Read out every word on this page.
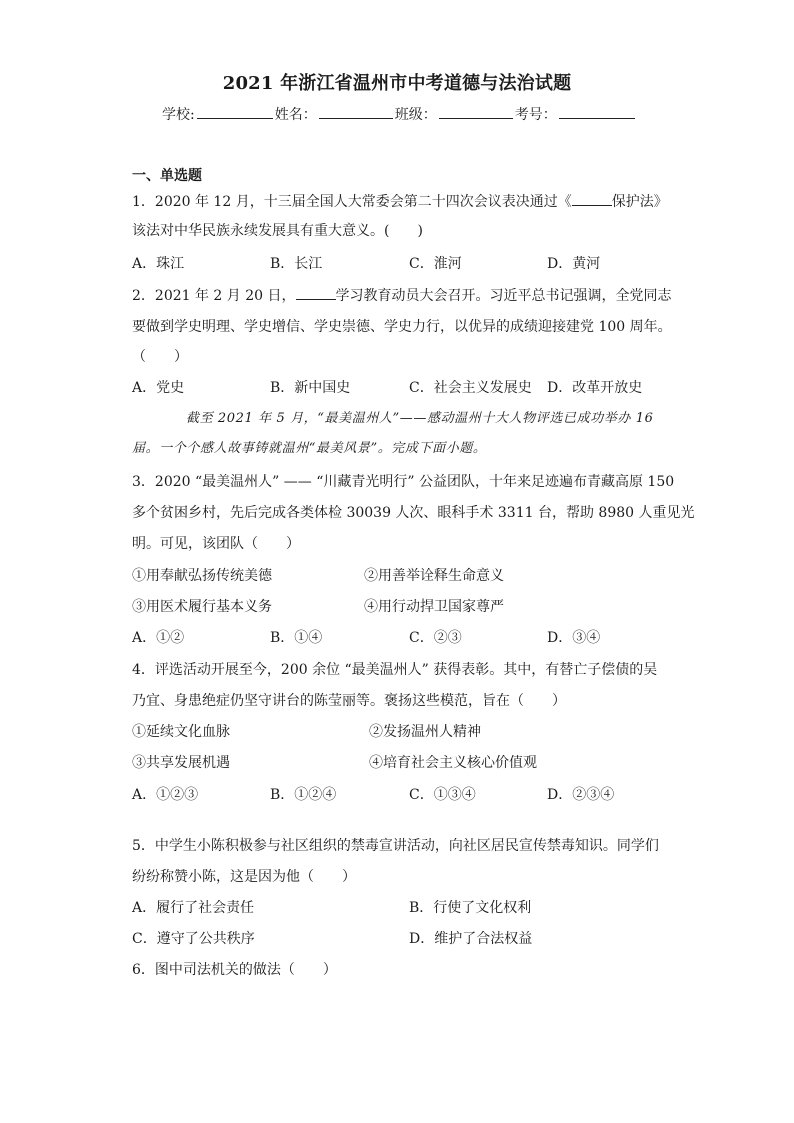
2021 年浙江省温州市中考道德与法治试题
学校:	姓名：	班级：	考号：
一、单选题
1．2020 年 12 月，十三届全国人大常委会第二十四次会议表决通过《	保护法》
该法对中华民族永续发展具有重大意义。(　　)
A．珠江	B．长江	C．淮河	D．黄河
2．2021 年 2 月 20 日，	学习教育动员大会召开。习近平总书记强调，全党同志
要做到学史明理、学史增信、学史崇德、学史力行，以优异的成绩迎接建党 100 周年。
（　　）
A．党史	B．新中国史	C．社会主义发展史 D．改革开放史
截至 2021 年 5 月，“最美温州人”——感动温州十大人物评选已成功举办 16
届。一个个感人故事铸就温州“最美风景”。完成下面小题。
3．2020 “最美温州人” —— “川藏青光明行” 公益团队，十年来足迹遍布青藏高原 150
多个贫困乡村，先后完成各类体检 30039 人次、眼科手术 3311 台，帮助 8980 人重见光
明。可见，该团队（　　）
①用奉献弘扬传统美德	②用善举诠释生命意义
③用医术履行基本义务	④用行动捍卫国家尊严
A．①②	B．①④	C．②③	D．③④
4．评选活动开展至今，200 余位 “最美温州人” 获得表彰。其中，有替亡子偿债的吴
乃宜、身患绝症仍坚守讲台的陈莹丽等。褒扬这些模范，旨在（　　）
①延续文化血脉	②发扬温州人精神
③共享发展机遇	④培育社会主义核心价值观
A．①②③	B．①②④	C．①③④	D．②③④
5．中学生小陈积极参与社区组织的禁毒宣讲活动，向社区居民宣传禁毒知识。同学们
纷纷称赞小陈，这是因为他（　　）
A．履行了社会责任	B．行使了文化权利
C．遵守了公共秩序	D．维护了合法权益
6．图中司法机关的做法（　　）
